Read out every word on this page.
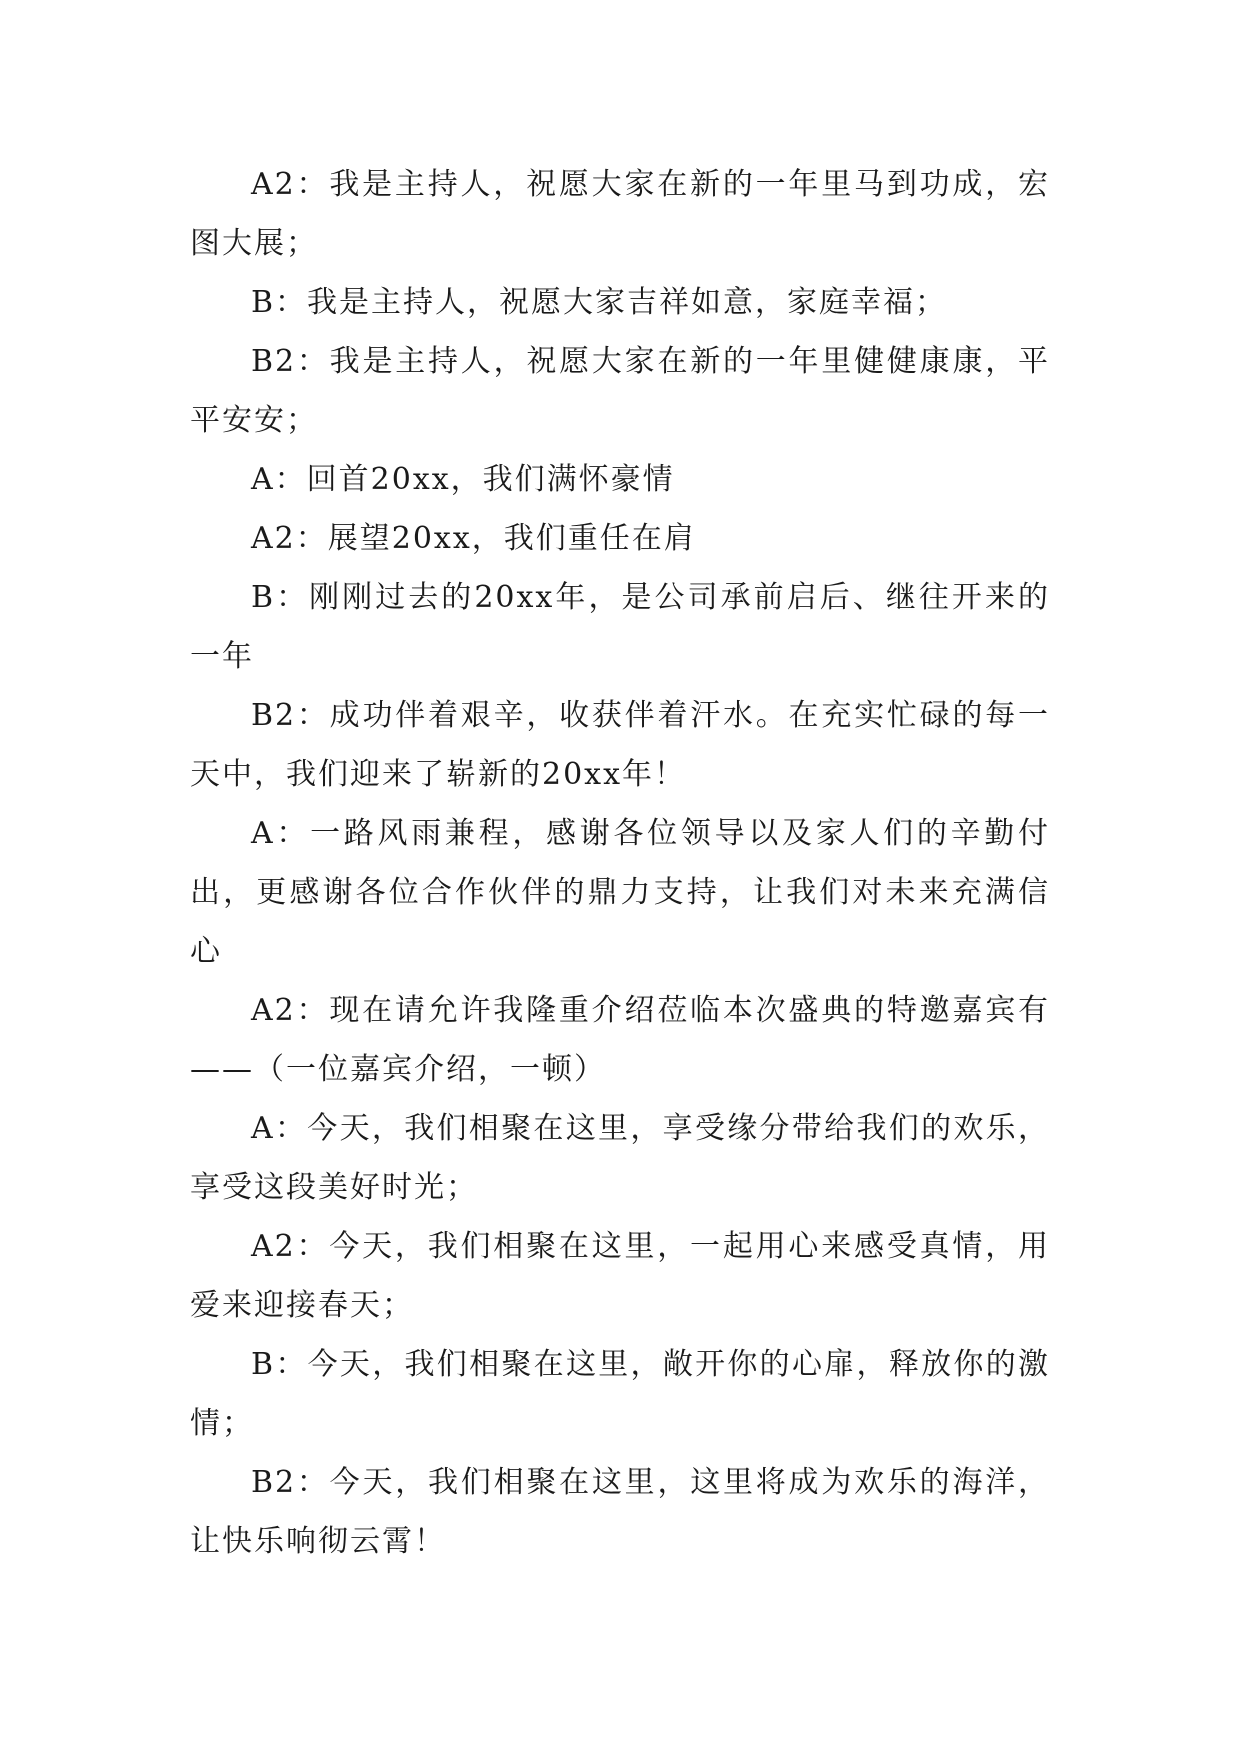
A2：我是主持人，祝愿大家在新的一年里马到功成，宏图大展；

B：我是主持人，祝愿大家吉祥如意，家庭幸福；

B2：我是主持人，祝愿大家在新的一年里健健康康，平平安安；

A：回首20xx，我们满怀豪情

A2：展望20xx，我们重任在肩

B：刚刚过去的20xx年，是公司承前启后、继往开来的一年

B2：成功伴着艰辛，收获伴着汗水。在充实忙碌的每一天中，我们迎来了崭新的20xx年！

A：一路风雨兼程，感谢各位领导以及家人们的辛勤付出，更感谢各位合作伙伴的鼎力支持，让我们对未来充满信心

A2：现在请允许我隆重介绍莅临本次盛典的特邀嘉宾有——（一位嘉宾介绍，一顿）

A：今天，我们相聚在这里，享受缘分带给我们的欢乐，享受这段美好时光；

A2：今天，我们相聚在这里，一起用心来感受真情，用爱来迎接春天；

B：今天，我们相聚在这里，敞开你的心扉，释放你的激情；

B2：今天，我们相聚在这里，这里将成为欢乐的海洋，让快乐响彻云霄！
